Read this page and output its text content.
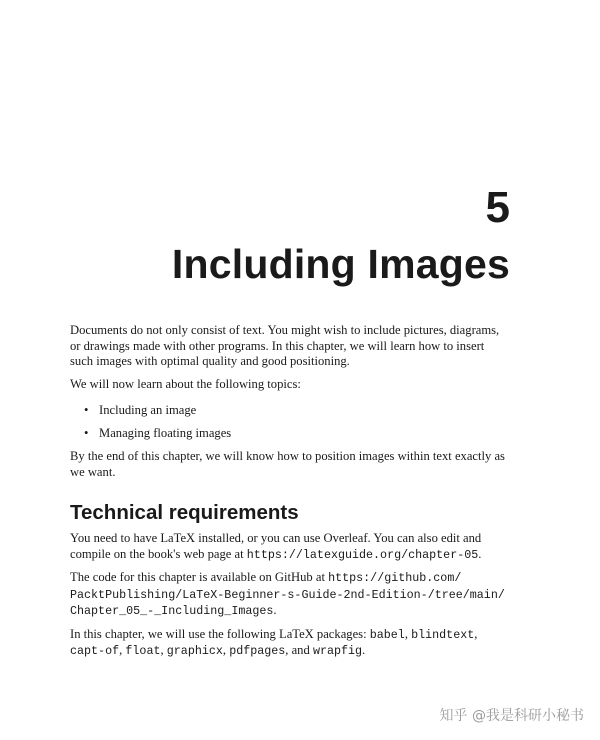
5
Including Images

Documents do not only consist of text. You might wish to include pictures, diagrams, or drawings made with other programs. In this chapter, we will learn how to insert such images with optimal quality and good positioning.

We will now learn about the following topics:

• Including an image
• Managing floating images

By the end of this chapter, we will know how to position images within text exactly as we want.

Technical requirements

You need to have LaTeX installed, or you can use Overleaf. You can also edit and compile on the book's web page at https://latexguide.org/chapter-05.

The code for this chapter is available on GitHub at https://github.com/
PacktPublishing/LaTeX-Beginner-s-Guide-2nd-Edition-/tree/main/
Chapter_05_-_Including_Images.

In this chapter, we will use the following LaTeX packages: babel, blindtext, capt-of, float, graphicx, pdfpages, and wrapfig.

知乎 @我是科研小秘书
